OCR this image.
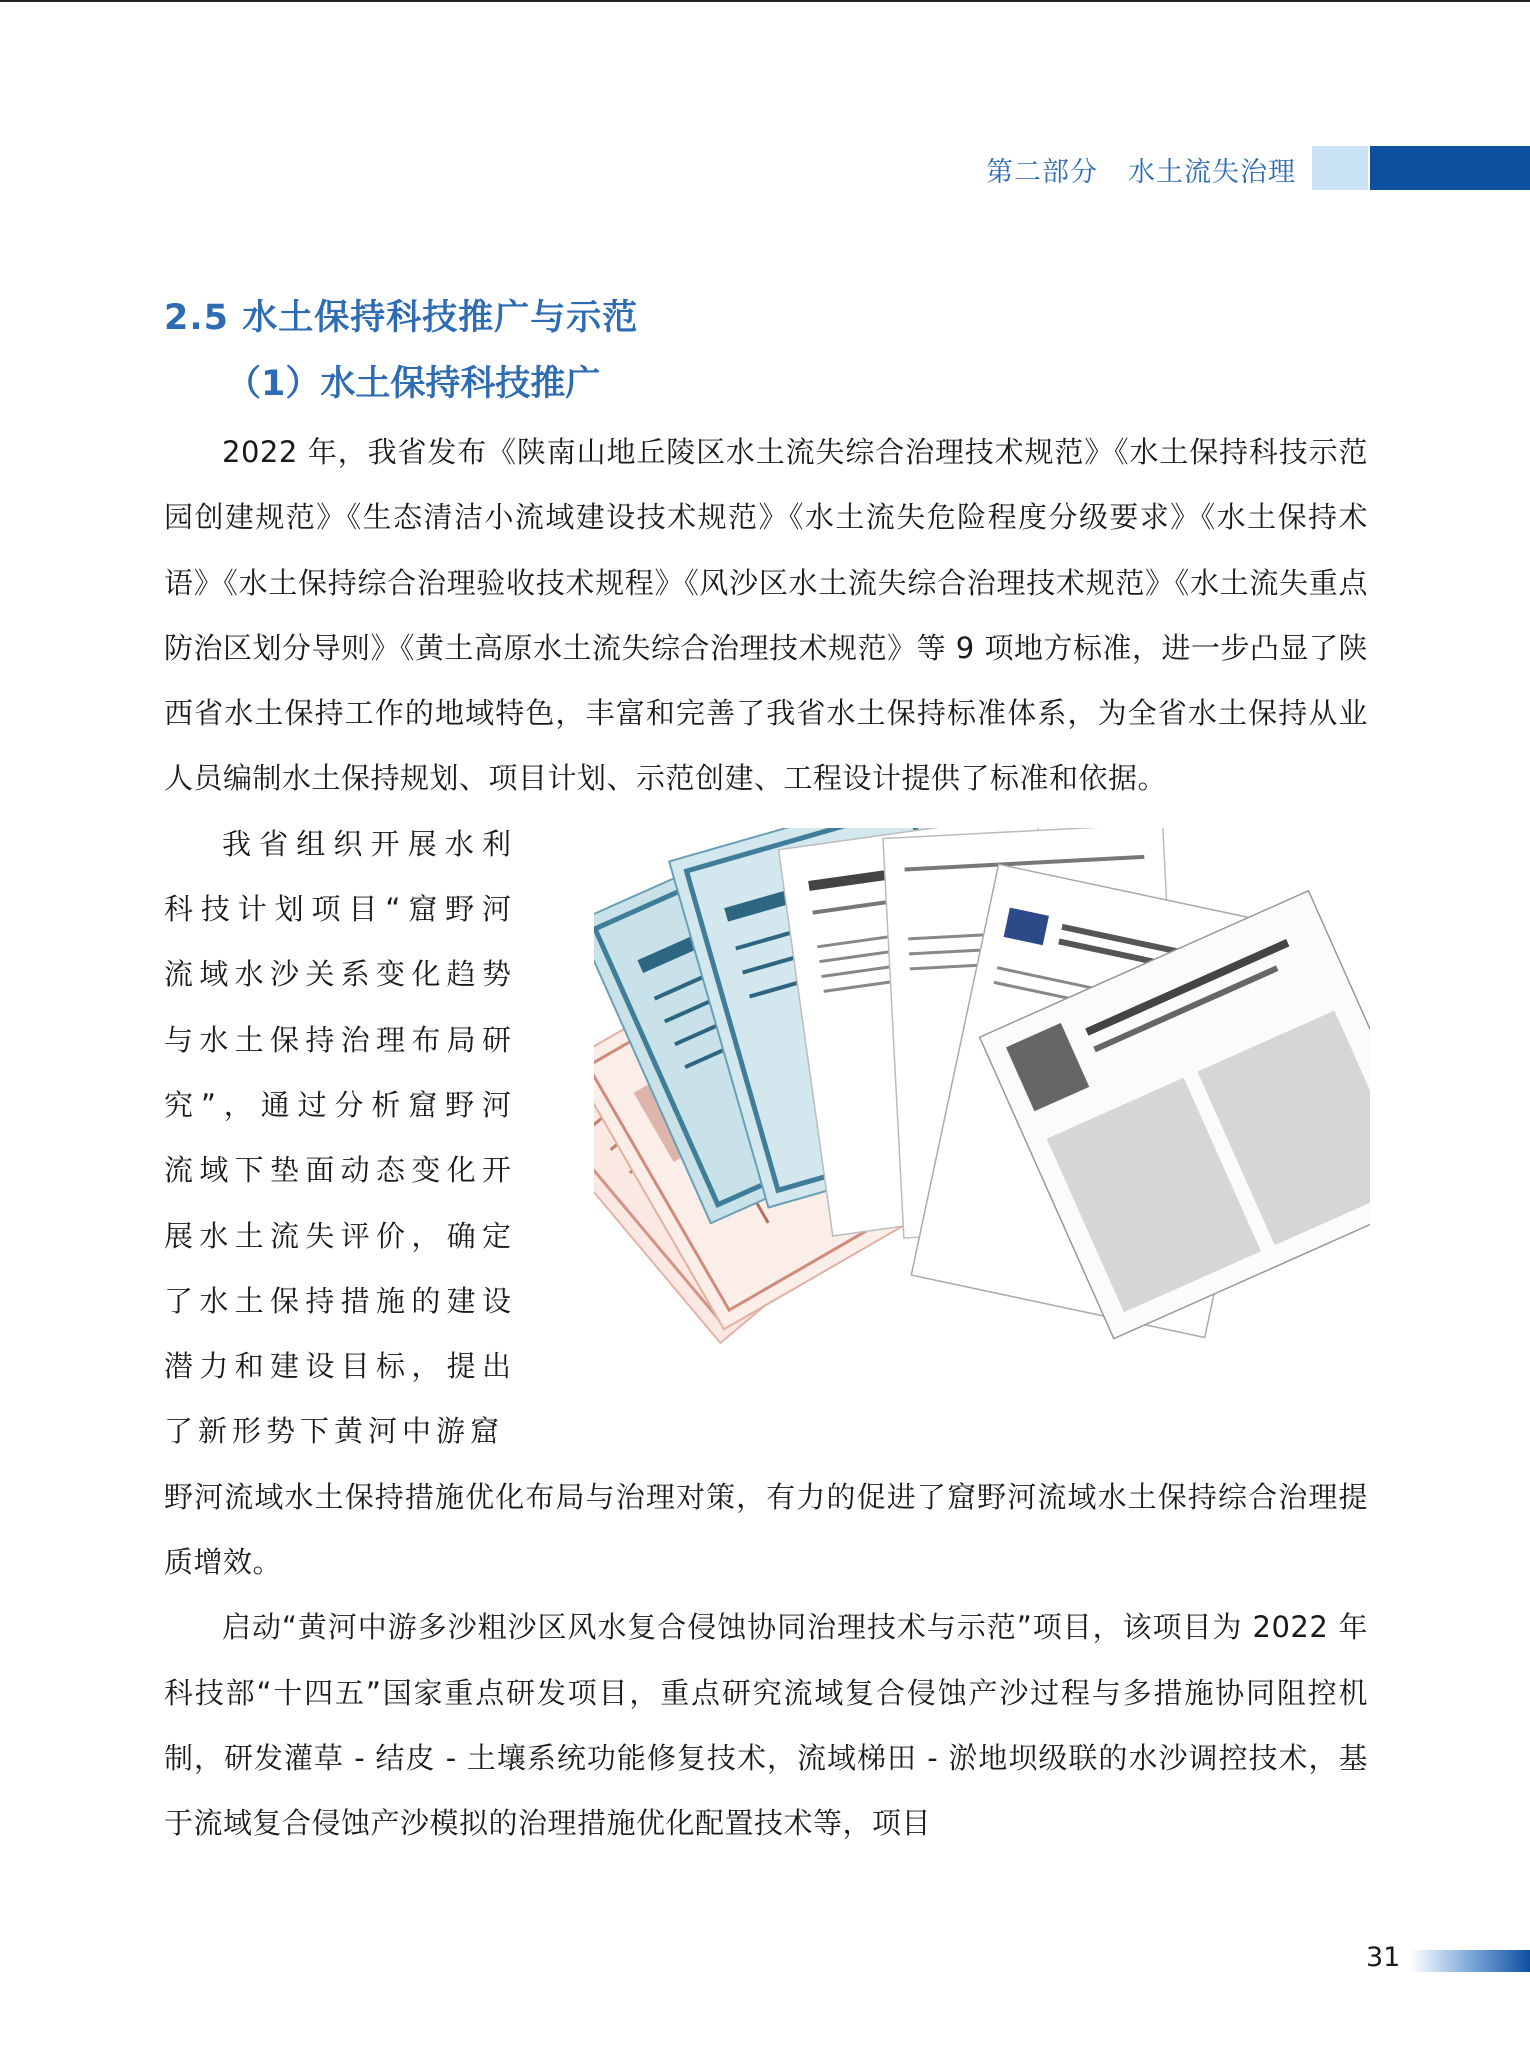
第二部分 水土流失治理
2.5 水土保持科技推广与示范
（1）水土保持科技推广

2022 年，我省发布《陕南山地丘陵区水土流失综合治理技术规范》《水土保持科技示范园创建规范》《生态清洁小流域建设技术规范》《水土流失危险程度分级要求》《水土保持术语》《水土保持综合治理验收技术规程》《风沙区水土流失综合治理技术规范》《水土流失重点防治区划分导则》《黄土高原水土流失综合治理技术规范》等 9 项地方标准，进一步凸显了陕西省水土保持工作的地域特色，丰富和完善了我省水土保持标准体系，为全省水土保持从业人员编制水土保持规划、项目计划、示范创建、工程设计提供了标准和依据。

我省组织开展水利科技计划项目“窟野河流域水沙关系变化趋势与水土保持治理布局研究”，通过分析窟野河流域下垫面动态变化开展水土流失评价，确定了水土保持措施的建设潜力和建设目标，提出了新形势下黄河中游窟

野河流域水土保持措施优化布局与治理对策，有力的促进了窟野河流域水土保持综合治理提质增效。

启动“黄河中游多沙粗沙区风水复合侵蚀协同治理技术与示范”项目，该项目为 2022 年科技部“十四五”国家重点研发项目，重点研究流域复合侵蚀产沙过程与多措施协同阻控机制，研发灌草 - 结皮 - 土壤系统功能修复技术，流域梯田 - 淤地坝级联的水沙调控技术，基于流域复合侵蚀产沙模拟的治理措施优化配置技术等，项目

31
